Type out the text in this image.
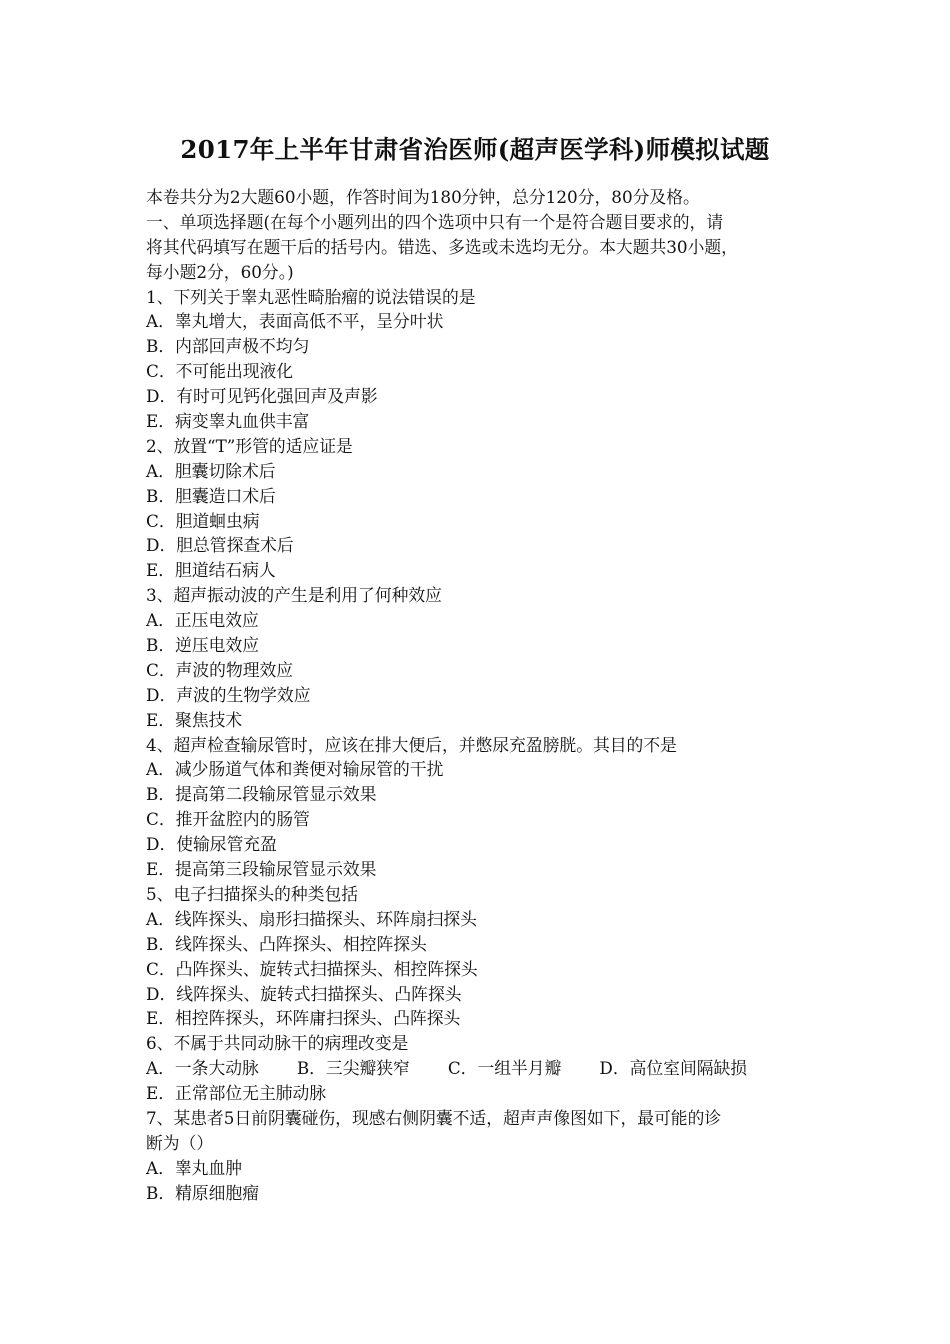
2017年上半年甘肃省治医师(超声医学科)师模拟试题
本卷共分为2大题60小题，作答时间为180分钟，总分120分，80分及格。
一、单项选择题(在每个小题列出的四个选项中只有一个是符合题目要求的，请
将其代码填写在题干后的括号内。错选、多选或未选均无分。本大题共30小题，
每小题2分，60分。)
1、下列关于睾丸恶性畸胎瘤的说法错误的是
A．睾丸增大，表面高低不平，呈分叶状
B．内部回声极不均匀
C．不可能出现液化
D．有时可见钙化强回声及声影
E．病变睾丸血供丰富
2、放置“T”形管的适应证是
A．胆囊切除术后
B．胆囊造口术后
C．胆道蛔虫病
D．胆总管探查术后
E．胆道结石病人
3、超声振动波的产生是利用了何种效应
A．正压电效应
B．逆压电效应
C．声波的物理效应
D．声波的生物学效应
E．聚焦技术
4、超声检查输尿管时，应该在排大便后，并憋尿充盈膀胱。其目的不是
A．减少肠道气体和粪便对输尿管的干扰
B．提高第二段输尿管显示效果
C．推开盆腔内的肠管
D．使输尿管充盈
E．提高第三段输尿管显示效果
5、电子扫描探头的种类包括
A．线阵探头、扇形扫描探头、环阵扇扫探头
B．线阵探头、凸阵探头、相控阵探头
C．凸阵探头、旋转式扫描探头、相控阵探头
D．线阵探头、旋转式扫描探头、凸阵探头
E．相控阵探头，环阵庸扫探头、凸阵探头
6、不属于共同动脉干的病理改变是
A．一条大动脉 B．三尖瓣狭窄 C．一组半月瓣 D．高位室间隔缺损
E．正常部位无主肺动脉
7、某患者5日前阴囊碰伤，现感右侧阴囊不适，超声声像图如下，最可能的诊
断为（）
A．睾丸血肿
B．精原细胞瘤
